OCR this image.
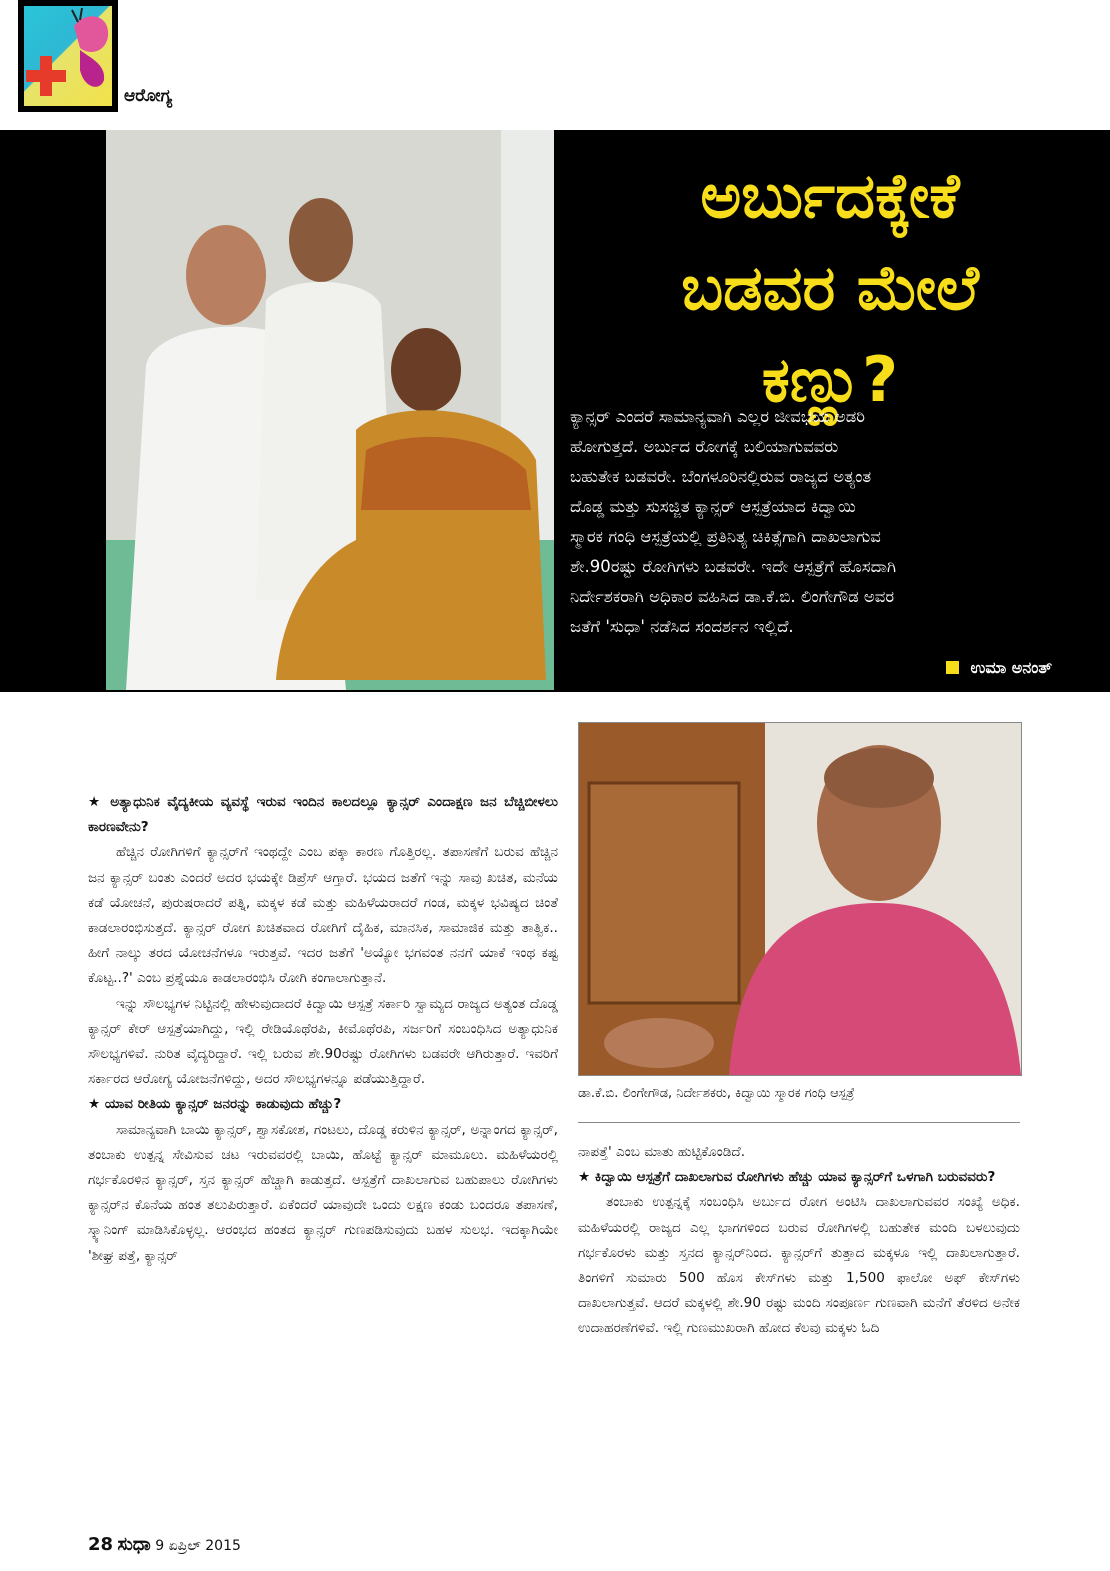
ಆರೋಗ್ಯ
ಅರ್ಬುದಕ್ಕೇಕೆ
ಬಡವರ ಮೇಲೆ
ಕಣ್ಣು?

ಕ್ಯಾನ್ಸರ್ ಎಂದರೆ ಸಾಮಾನ್ಯವಾಗಿ ಎಲ್ಲರ ಜೀವಭಯ ಅಡರಿ

ಹೋಗುತ್ತದೆ. ಅರ್ಬುದ ರೋಗಕ್ಕೆ ಬಲಿಯಾಗುವವರು

ಬಹುತೇಕ ಬಡವರೇ. ಬೆಂಗಳೂರಿನಲ್ಲಿರುವ ರಾಜ್ಯದ ಅತ್ಯಂತ

ದೊಡ್ಡ ಮತ್ತು ಸುಸಜ್ಜಿತ ಕ್ಯಾನ್ಸರ್ ಆಸ್ಪತ್ರೆಯಾದ ಕಿದ್ವಾಯಿ

ಸ್ಮಾರಕ ಗಂಧಿ ಆಸ್ಪತ್ರೆಯಲ್ಲಿ ಪ್ರತಿನಿತ್ಯ ಚಿಕಿತ್ಸೆಗಾಗಿ ದಾಖಲಾಗುವ

ಶೇ.90ರಷ್ಟು ರೋಗಿಗಳು ಬಡವರೇ. ಇದೇ ಆಸ್ಪತ್ರೆಗೆ ಹೊಸದಾಗಿ

ನಿರ್ದೇಶಕರಾಗಿ ಅಧಿಕಾರ ವಹಿಸಿದ ಡಾ.ಕೆ.ಬಿ. ಲಿಂಗೇಗೌಡ ಅವರ

ಜತೆಗೆ 'ಸುಧಾ' ನಡೆಸಿದ ಸಂದರ್ಶನ ಇಲ್ಲಿದೆ.

ಉಮಾ ಅನಂತ್

★ ಅತ್ಯಾಧುನಿಕ ವೈದ್ಯಕೀಯ ವ್ಯವಸ್ಥೆ ಇರುವ ಇಂದಿನ ಕಾಲದಲ್ಲೂ ಕ್ಯಾನ್ಸರ್ ಎಂದಾಕ್ಷಣ ಜನ ಬೆಚ್ಚಿಬೀಳಲು ಕಾರಣವೇನು?

ಹೆಚ್ಚಿನ ರೋಗಿಗಳಿಗೆ ಕ್ಯಾನ್ಸರ್‌ಗೆ ಇಂಥದ್ದೇ ಎಂಬ ಪಕ್ಕಾ ಕಾರಣ ಗೊತ್ತಿರಲ್ಲ. ತಪಾಸಣೆಗೆ ಬರುವ ಹೆಚ್ಚಿನ ಜನ ಕ್ಯಾನ್ಸರ್ ಬಂತು ಎಂದರೆ ಅದರ ಭಯಕ್ಕೇ ಡಿಪ್ರೆಸ್ ಆಗ್ತಾರೆ. ಭಯದ ಜತೆಗೆ ಇನ್ನು ಸಾವು ಖಚಿತ, ಮನೆಯ ಕಡೆ ಯೋಚನೆ, ಪುರುಷರಾದರೆ ಪತ್ನಿ, ಮಕ್ಕಳ ಕಡೆ ಮತ್ತು ಮಹಿಳೆಯರಾದರೆ ಗಂಡ, ಮಕ್ಕಳ ಭವಿಷ್ಯದ ಚಿಂತೆ ಕಾಡಲಾರಂಭಿಸುತ್ತದೆ. ಕ್ಯಾನ್ಸರ್ ರೋಗ ಖಚಿತವಾದ ರೋಗಿಗೆ ದೈಹಿಕ, ಮಾನಸಿಕ, ಸಾಮಾಜಿಕ ಮತ್ತು ತಾತ್ವಿಕ.. ಹೀಗೆ ನಾಲ್ಕು ತರದ ಯೋಚನೆಗಳೂ ಇರುತ್ತವೆ. ಇದರ ಜತೆಗೆ 'ಅಯ್ಯೋ ಭಗವಂತ ನನಗೆ ಯಾಕೆ ಇಂಥ ಕಷ್ಟ ಕೊಟ್ಟ..?' ಎಂಬ ಪ್ರಶ್ನೆಯೂ ಕಾಡಲಾರಂಭಿಸಿ ರೋಗಿ ಕಂಗಾಲಾಗುತ್ತಾನೆ.

ಇನ್ನು ಸೌಲಭ್ಯಗಳ ನಿಟ್ಟಿನಲ್ಲಿ ಹೇಳುವುದಾದರೆ ಕಿದ್ವಾಯಿ ಆಸ್ಪತ್ರೆ ಸರ್ಕಾರಿ ಸ್ವಾಮ್ಯದ ರಾಜ್ಯದ ಅತ್ಯಂತ ದೊಡ್ಡ ಕ್ಯಾನ್ಸರ್ ಕೇರ್ ಆಸ್ಪತ್ರೆಯಾಗಿದ್ದು, ಇಲ್ಲಿ ರೇಡಿಯೊಥೆರಪಿ, ಕೀಮೊಥೆರಪಿ, ಸರ್ಜರಿಗೆ ಸಂಬಂಧಿಸಿದ ಅತ್ಯಾಧುನಿಕ ಸೌಲಭ್ಯಗಳಿವೆ. ನುರಿತ ವೈದ್ಯರಿದ್ದಾರೆ. ಇಲ್ಲಿ ಬರುವ ಶೇ.90ರಷ್ಟು ರೋಗಿಗಳು ಬಡವರೇ ಆಗಿರುತ್ತಾರೆ. ಇವರಿಗೆ ಸರ್ಕಾರದ ಆರೋಗ್ಯ ಯೋಜನೆಗಳಿದ್ದು, ಅದರ ಸೌಲಭ್ಯಗಳನ್ನೂ ಪಡೆಯುತ್ತಿದ್ದಾರೆ.

★ ಯಾವ ರೀತಿಯ ಕ್ಯಾನ್ಸರ್ ಜನರನ್ನು ಕಾಡುವುದು ಹೆಚ್ಚು?

ಸಾಮಾನ್ಯವಾಗಿ ಬಾಯಿ ಕ್ಯಾನ್ಸರ್, ಶ್ವಾಸಕೋಶ, ಗಂಟಲು, ದೊಡ್ಡ ಕರುಳಿನ ಕ್ಯಾನ್ಸರ್, ಅನ್ನಾಂಗದ ಕ್ಯಾನ್ಸರ್, ತಂಬಾಕು ಉತ್ಪನ್ನ ಸೇವಿಸುವ ಚಟ ಇರುವವರಲ್ಲಿ ಬಾಯಿ, ಹೊಟ್ಟೆ ಕ್ಯಾನ್ಸರ್ ಮಾಮೂಲು. ಮಹಿಳೆಯರಲ್ಲಿ ಗರ್ಭಕೊರಳಿನ ಕ್ಯಾನ್ಸರ್, ಸ್ತನ ಕ್ಯಾನ್ಸರ್ ಹೆಚ್ಚಾಗಿ ಕಾಡುತ್ತದೆ. ಆಸ್ಪತ್ರೆಗೆ ದಾಖಲಾಗುವ ಬಹುಪಾಲು ರೋಗಿಗಳು ಕ್ಯಾನ್ಸರ್‌ನ ಕೊನೆಯ ಹಂತ ತಲುಪಿರುತ್ತಾರೆ. ಏಕೆಂದರೆ ಯಾವುದೇ ಒಂದು ಲಕ್ಷಣ ಕಂಡು ಬಂದರೂ ತಪಾಸಣೆ, ಸ್ಕ್ಯಾನಿಂಗ್ ಮಾಡಿಸಿಕೊಳ್ಳಲ್ಲ. ಆರಂಭದ ಹಂತದ ಕ್ಯಾನ್ಸರ್ ಗುಣಪಡಿಸುವುದು ಬಹಳ ಸುಲಭ. ಇದಕ್ಕಾಗಿಯೇ 'ಶೀಘ್ರ ಪತ್ತೆ, ಕ್ಯಾನ್ಸರ್

ಡಾ.ಕೆ.ಬಿ. ಲಿಂಗೇಗೌಡ, ನಿರ್ದೇಶಕರು, ಕಿದ್ವಾಯಿ ಸ್ಮಾರಕ ಗಂಧಿ ಆಸ್ಪತ್ರೆ

ನಾಪತ್ತೆ' ಎಂಬ ಮಾತು ಹುಟ್ಟಿಕೊಂಡಿದೆ.

★ ಕಿದ್ವಾಯಿ ಆಸ್ಪತ್ರೆಗೆ ದಾಖಲಾಗುವ ರೋಗಿಗಳು ಹೆಚ್ಚು ಯಾವ ಕ್ಯಾನ್ಸರ್‌ಗೆ ಒಳಗಾಗಿ ಬರುವವರು?

ತಂಬಾಕು ಉತ್ಪನ್ನಕ್ಕೆ ಸಂಬಂಧಿಸಿ ಅರ್ಬುದ ರೋಗ ಅಂಟಿಸಿ ದಾಖಲಾಗುವವರ ಸಂಖ್ಯೆ ಅಧಿಕ. ಮಹಿಳೆಯರಲ್ಲಿ ರಾಜ್ಯದ ಎಲ್ಲ ಭಾಗಗಳಿಂದ ಬರುವ ರೋಗಿಗಳಲ್ಲಿ ಬಹುತೇಕ ಮಂದಿ ಬಳಲುವುದು ಗರ್ಭಕೊರಳು ಮತ್ತು ಸ್ತನದ ಕ್ಯಾನ್ಸರ್‌ನಿಂದ. ಕ್ಯಾನ್ಸರ್‌ಗೆ ತುತ್ತಾದ ಮಕ್ಕಳೂ ಇಲ್ಲಿ ದಾಖಲಾಗುತ್ತಾರೆ. ತಿಂಗಳಿಗೆ ಸುಮಾರು 500 ಹೊಸ ಕೇಸ್‌ಗಳು ಮತ್ತು 1,500 ಫಾಲೋ ಅಫ್ ಕೇಸ್‌ಗಳು ದಾಖಲಾಗುತ್ತವೆ. ಆದರೆ ಮಕ್ಕಳಲ್ಲಿ ಶೇ.90 ರಷ್ಟು ಮಂದಿ ಸಂಪೂರ್ಣ ಗುಣವಾಗಿ ಮನೆಗೆ ತೆರಳಿದ ಅನೇಕ ಉದಾಹರಣೆಗಳಿವೆ. ಇಲ್ಲಿ ಗುಣಮುಖರಾಗಿ ಹೋದ ಕೆಲವು ಮಕ್ಕಳು ಓದಿ

28 ಸುಧಾ 9 ಏಪ್ರಿಲ್ 2015
